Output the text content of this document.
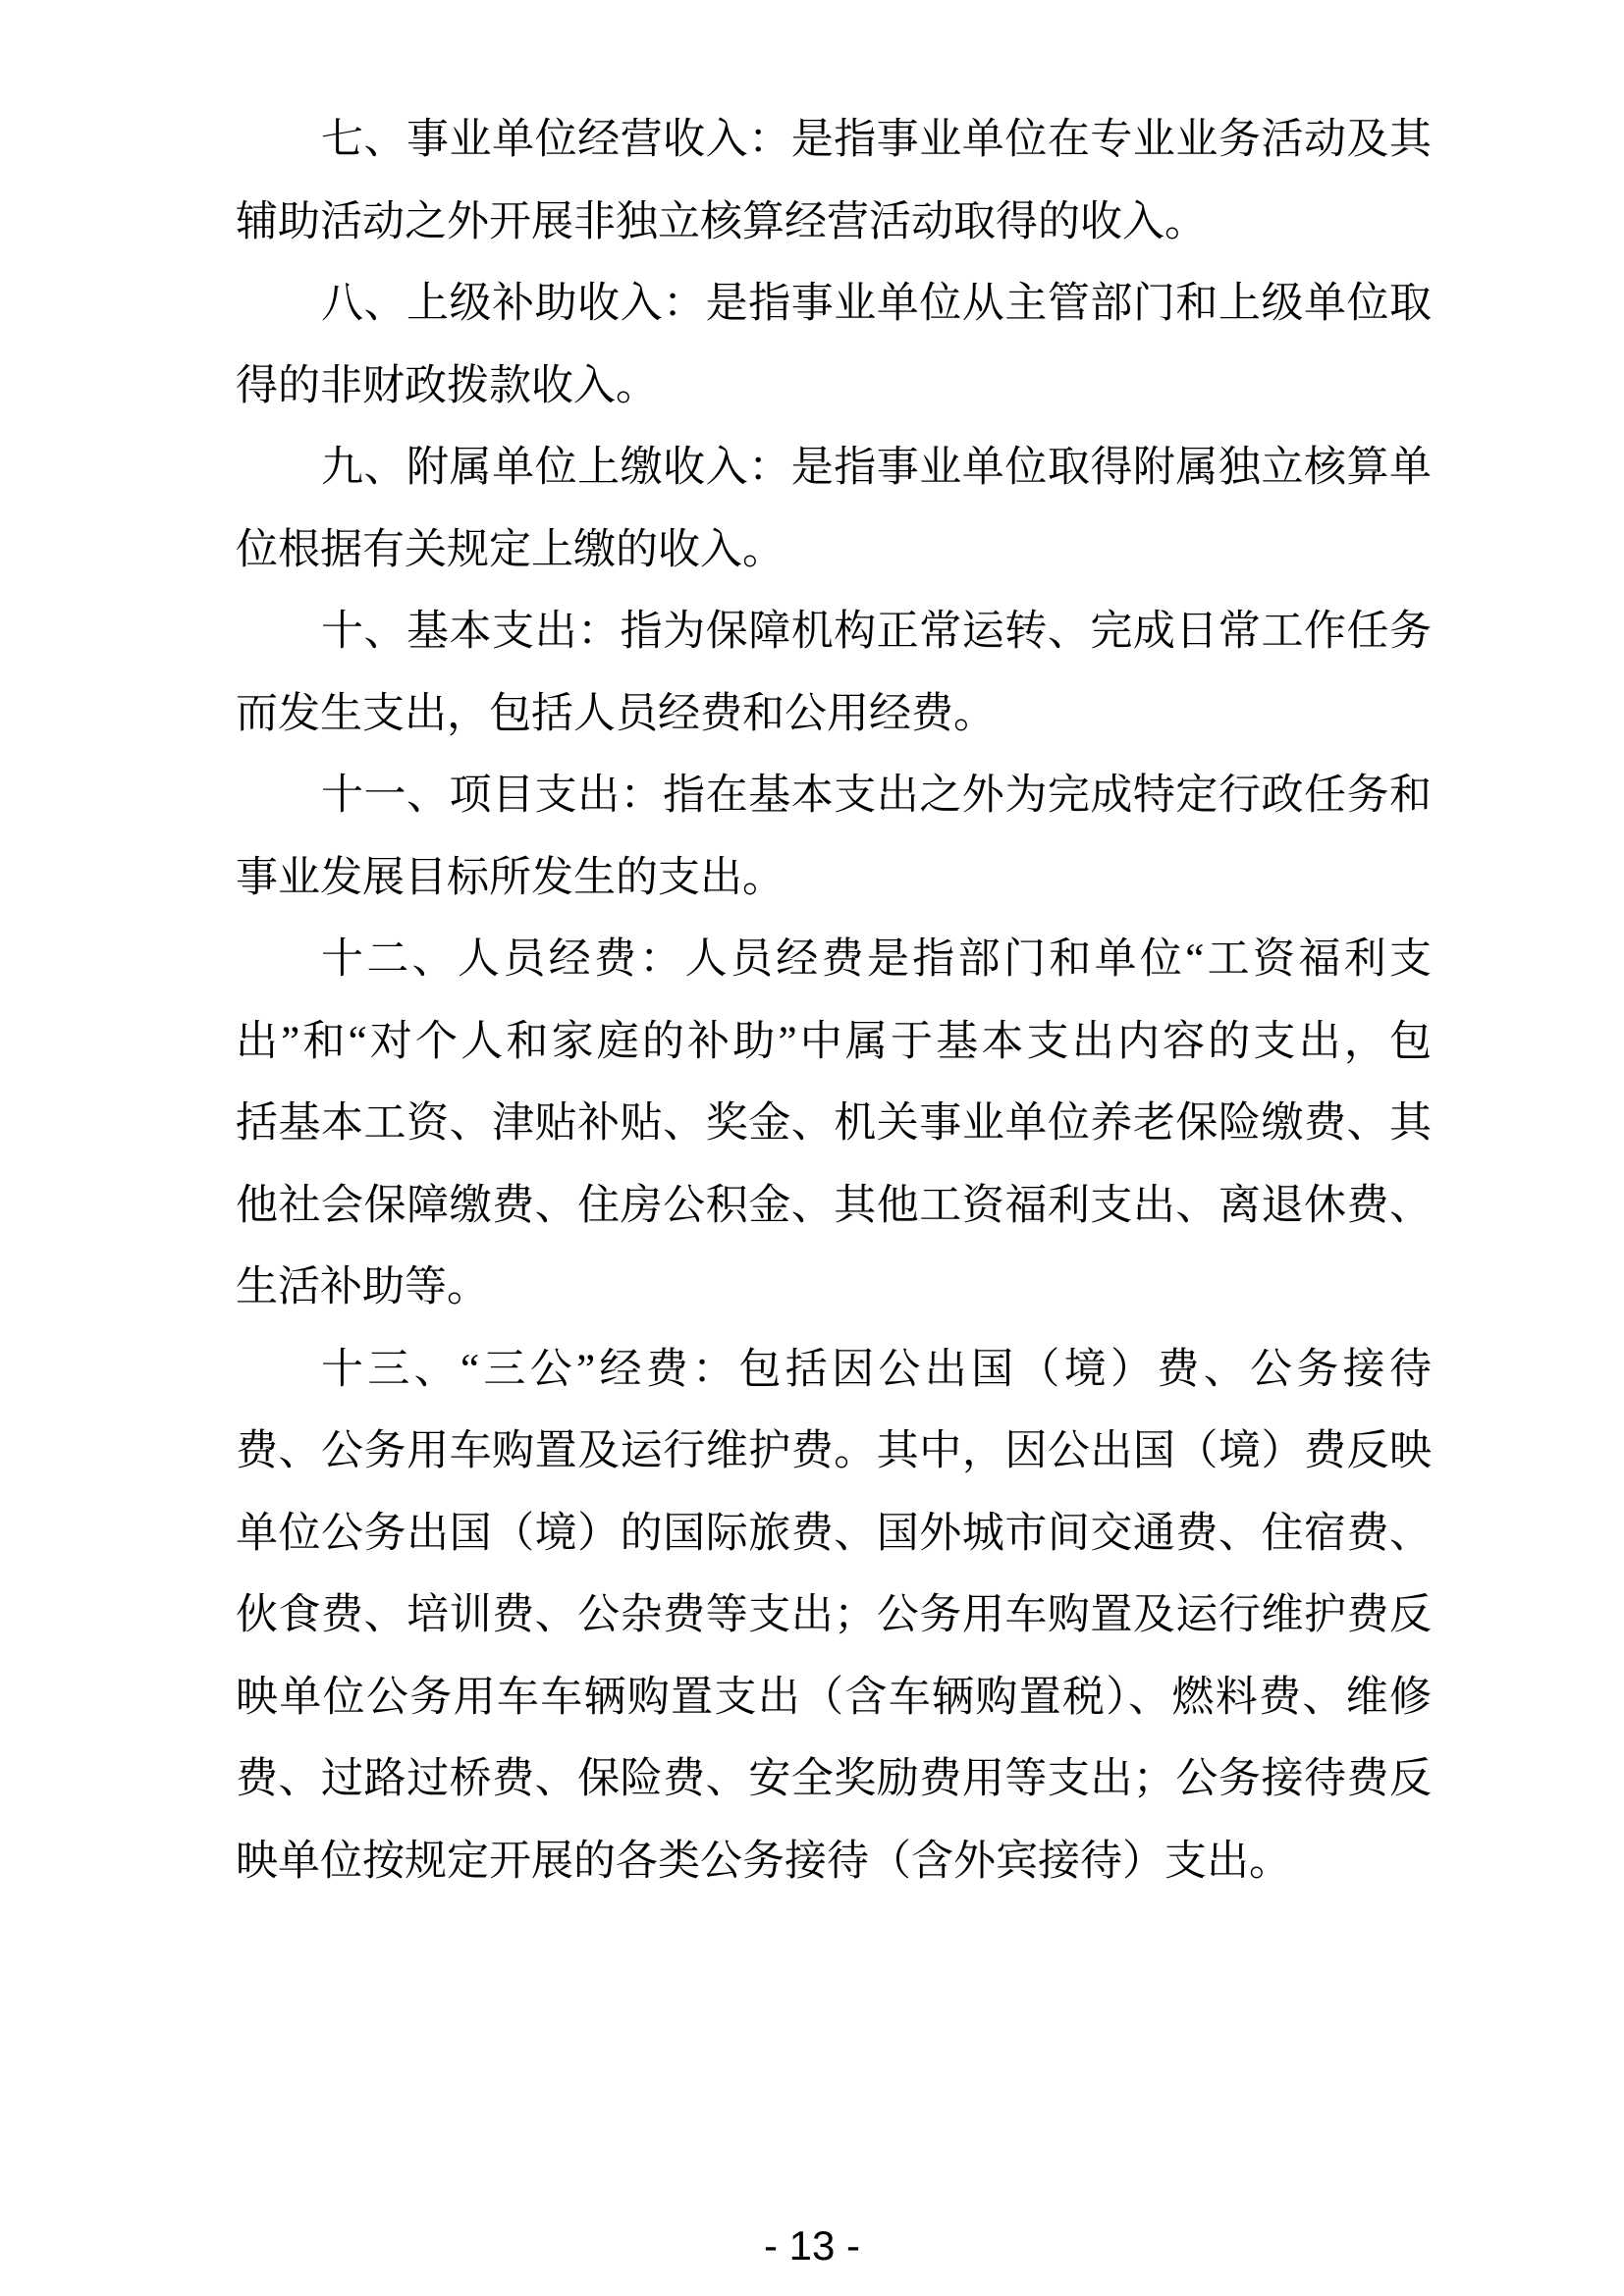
七、事业单位经营收入：是指事业单位在专业业务活动及其
辅助活动之外开展非独立核算经营活动取得的收入。
八、上级补助收入：是指事业单位从主管部门和上级单位取
得的非财政拨款收入。
九、附属单位上缴收入：是指事业单位取得附属独立核算单
位根据有关规定上缴的收入。
十、基本支出：指为保障机构正常运转、完成日常工作任务
而发生支出，包括人员经费和公用经费。
十一、项目支出：指在基本支出之外为完成特定行政任务和
事业发展目标所发生的支出。
十二、人员经费：人员经费是指部门和单位“工资福利支
出”和“对个人和家庭的补助”中属于基本支出内容的支出，包
括基本工资、津贴补贴、奖金、机关事业单位养老保险缴费、其
他社会保障缴费、住房公积金、其他工资福利支出、离退休费、
生活补助等。
十三、“三公”经费：包括因公出国（境）费、公务接待
费、公务用车购置及运行维护费。其中，因公出国（境）费反映
单位公务出国（境）的国际旅费、国外城市间交通费、住宿费、
伙食费、培训费、公杂费等支出；公务用车购置及运行维护费反
映单位公务用车车辆购置支出（含车辆购置税）、燃料费、维修
费、过路过桥费、保险费、安全奖励费用等支出；公务接待费反
映单位按规定开展的各类公务接待（含外宾接待）支出。
- 13 -
